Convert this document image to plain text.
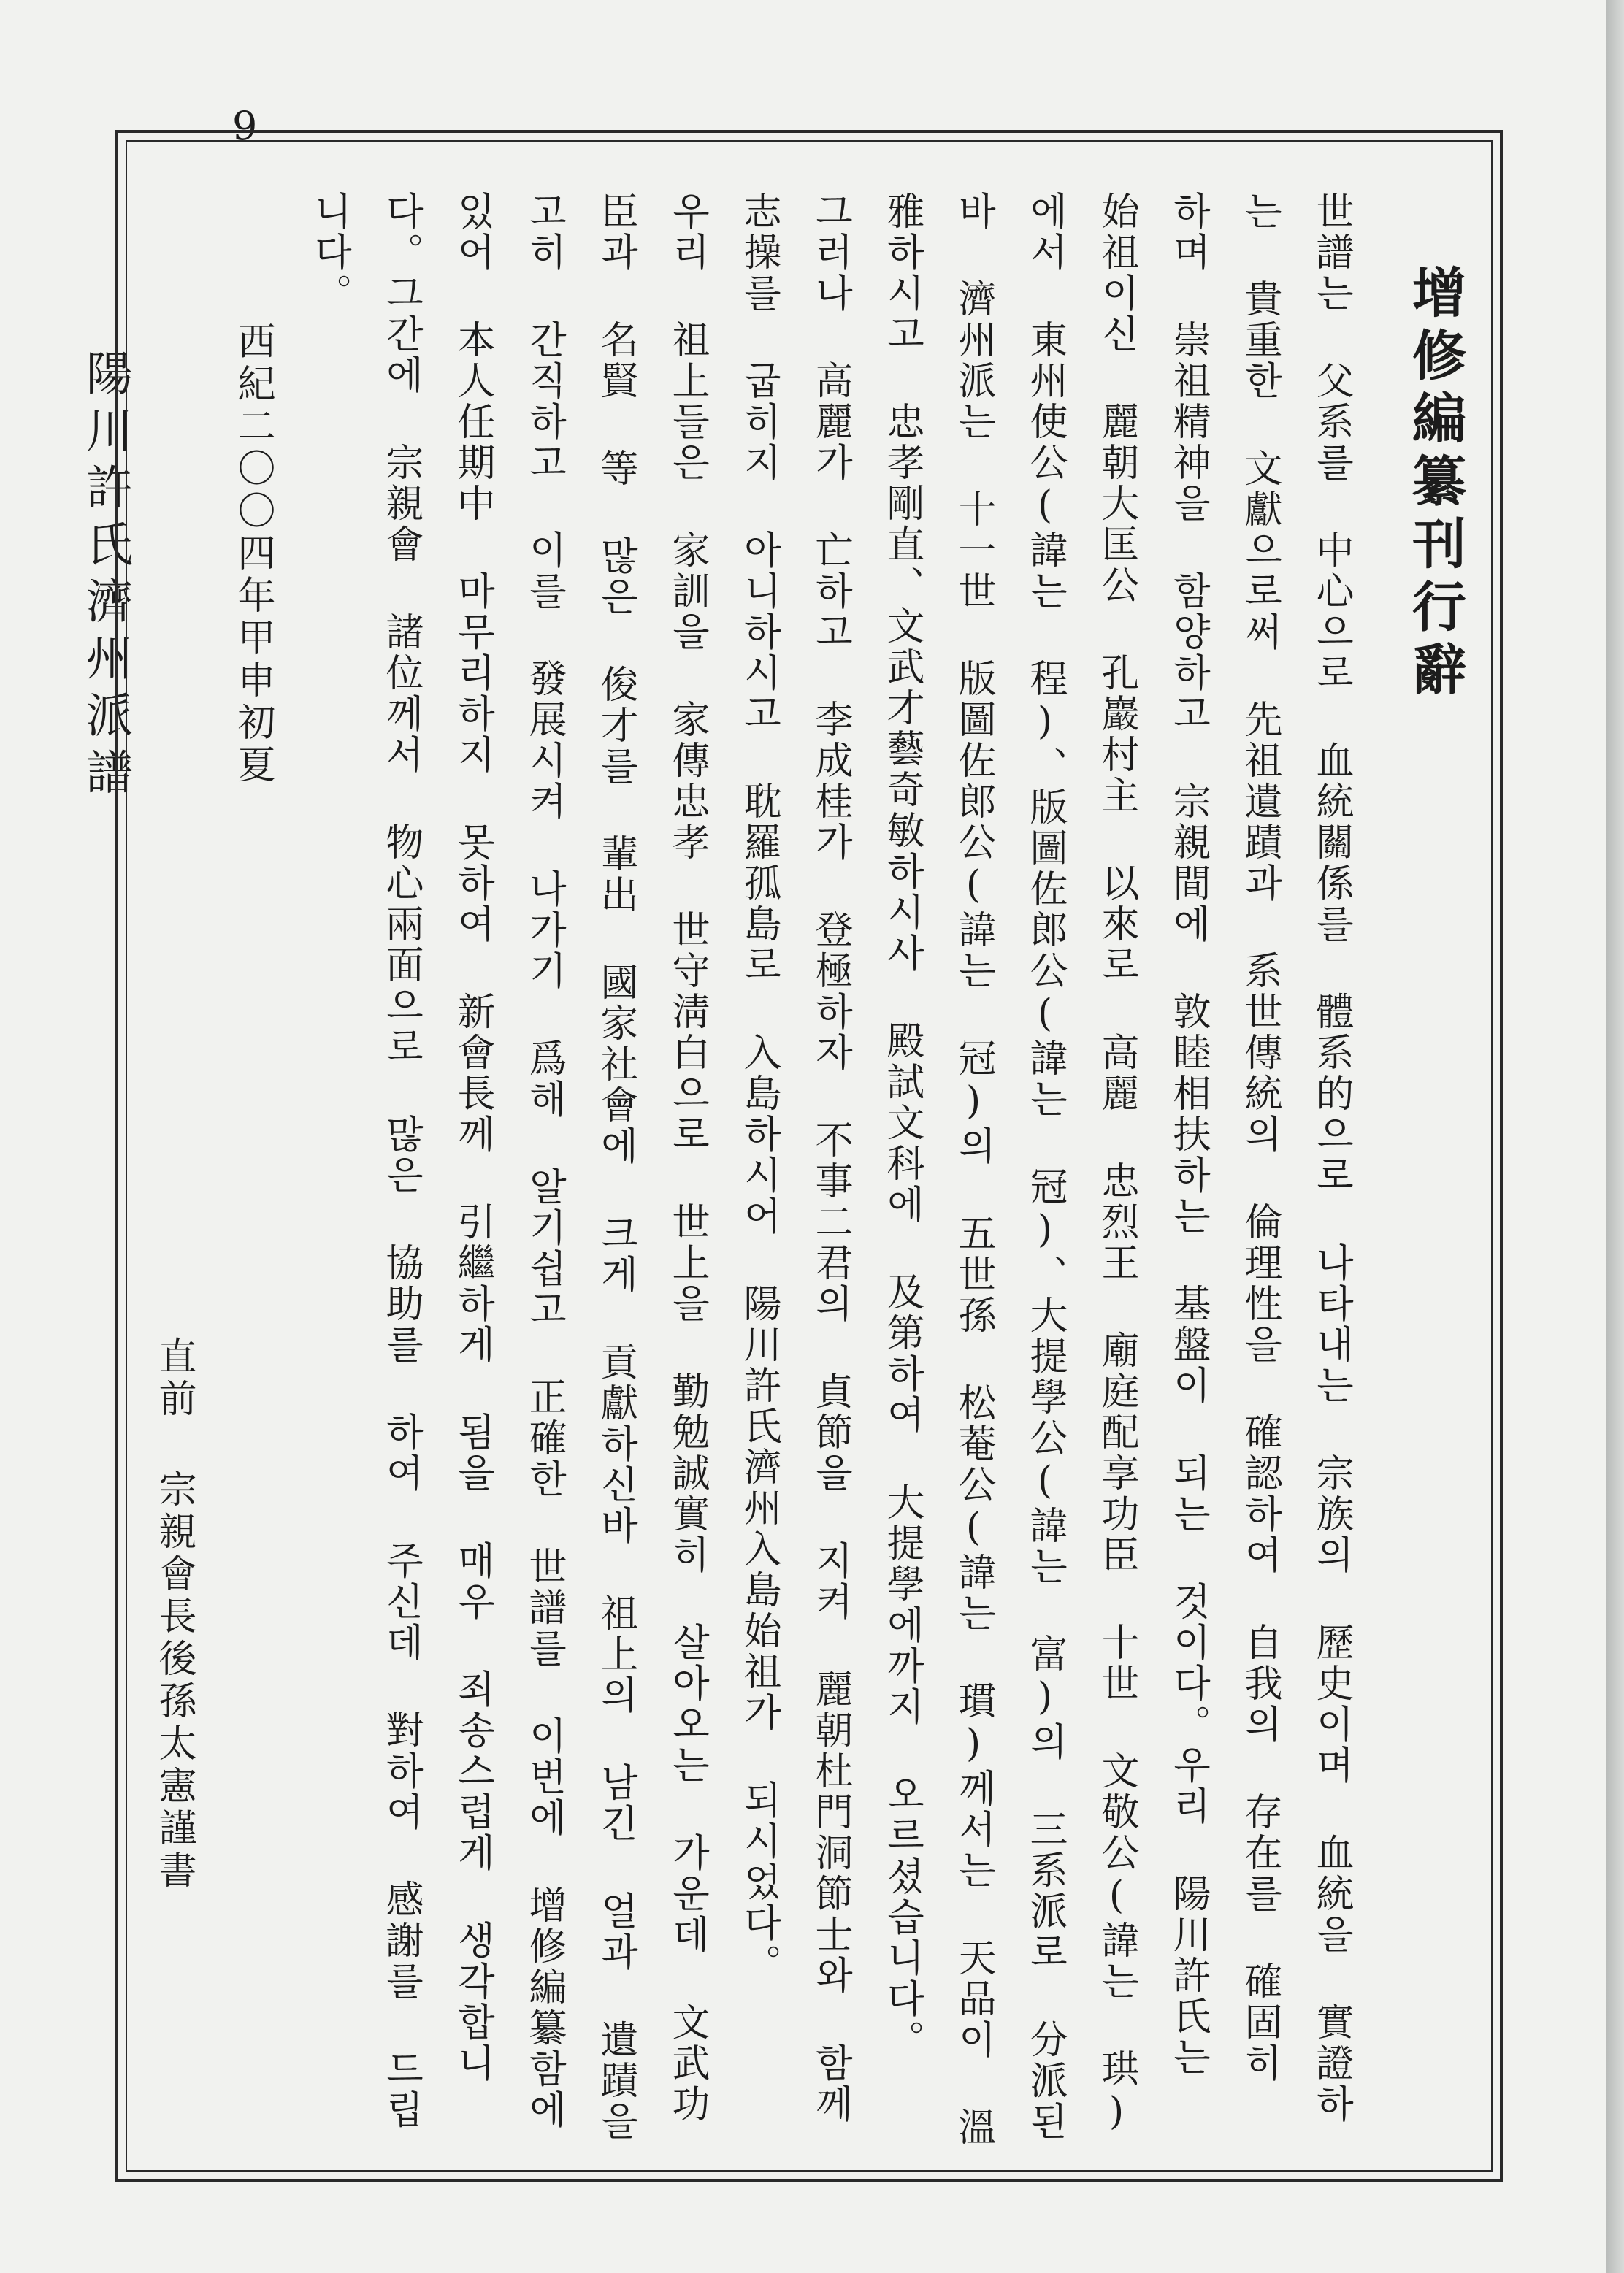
9
陽川許氏濟州派譜	增修編纂刊行辭

世譜는 父系를 中心으로 血統關係를 體系的으로 나타내는 宗族의 歷史이며 血統을 實證하는 貴重한 文獻으로써 先祖遺蹟과 系世傳統의 倫理性을 確認하여 自我의 存在를 確固히 하며 崇祖精神을 함양하고 宗親間에 敦睦相扶하는 基盤이 되는 것이다。우리 陽川許氏는 始祖이신 麗朝大匡公 孔巖村主 以來로 高麗 忠烈王 廟庭配享功臣 十世 文敬公(諱는 珙)에서 東州使公(諱는 程)、版圖佐郎公(諱는 冠)、大提學公(諱는 富)의 三系派로 分派된바 濟州派는 十一世 版圖佐郎公(諱는 冠)의 五世孫 松菴公(諱는 瑻)께서는 天品이 溫雅하시고 忠孝剛直、文武才藝奇敏하시사 殿試文科에 及第하여 大提學에까지 오르셨습니다。

그러나 高麗가 亡하고 李成桂가 登極하자 不事二君의 貞節을 지켜 麗朝杜門洞節士와 함께 志操를 굽히지 아니하시고 耽羅孤島로 入島하시어 陽川許氏濟州入島始祖가 되시었다。

우리 祖上들은 家訓을 家傳忠孝 世守淸白으로 世上을 勤勉誠實히 살아오는 가운데 文武功臣과 名賢 等 많은 俊才를 輩出 國家社會에 크게 貢獻하신바 祖上의 남긴 얼과 遺蹟을 고히 간직하고 이를 發展시켜 나가기 爲해 알기쉽고 正確한 世譜를 이번에 增修編纂함에 있어 本人任期中 마무리하지 못하여 新會長께 引繼하게 됨을 매우 죄송스럽게 생각합니다。그간에 宗親會 諸位께서 物心兩面으로 많은 協助를 하여 주신데 對하여 感謝를 드립니다。

西紀二〇〇四年甲申初夏
直前 宗親會長後孫太憲謹書
